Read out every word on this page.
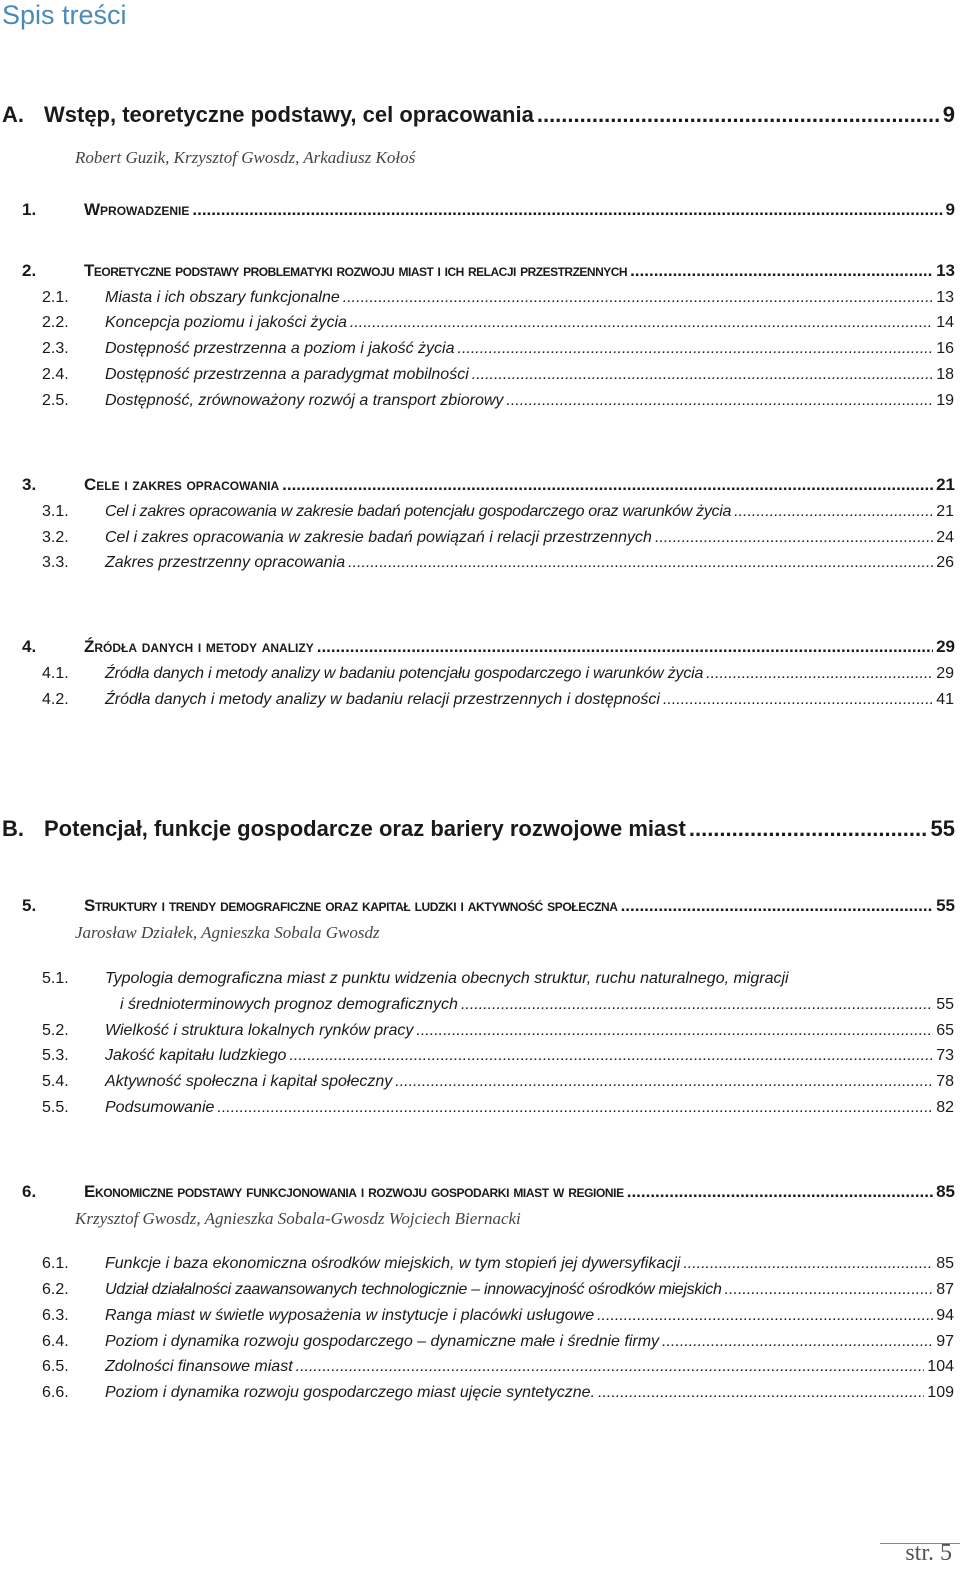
Spis treści
A. Wstęp, teoretyczne podstawy, cel opracowania .....	9
Robert Guzik, Krzysztof Gwosdz, Arkadiusz Kołoś
1.	Wprowadzenie .....	9
2.	Teoretyczne podstawy problematyki rozwoju miast i ich relacji przestrzennych .....	13
2.1.	Miasta i ich obszary funkcjonalne .....	13
2.2.	Koncepcja poziomu i jakości życia .....	14
2.3.	Dostępność przestrzenna a poziom i jakość życia .....	16
2.4.	Dostępność przestrzenna a paradygmat mobilności .....	18
2.5.	Dostępność, zrównoważony rozwój a transport zbiorowy .....	19
3.	Cele i zakres opracowania .....	21
3.1.	Cel i zakres opracowania w zakresie badań potencjału gospodarczego oraz warunków życia .....	21
3.2.	Cel i zakres opracowania w zakresie badań powiązań i relacji przestrzennych .....	24
3.3.	Zakres przestrzenny opracowania .....	26
4.	Źródła danych i metody analizy .....	29
4.1.	Źródła danych i metody analizy w badaniu potencjału gospodarczego i warunków życia .....	29
4.2.	Źródła danych i metody analizy w badaniu relacji przestrzennych i dostępności .....	41
B. Potencjał, funkcje gospodarcze oraz bariery rozwojowe miast .....	55
5.	Struktury i trendy demograficzne oraz kapitał ludzki i aktywność społeczna .....	55
Jarosław Działek, Agnieszka Sobala Gwosdz
5.1. Typologia demograficzna miast z punktu widzenia obecnych struktur, ruchu naturalnego, migracji
i średnioterminowych prognoz demograficznych .....	55
5.2.	Wielkość i struktura lokalnych rynków pracy .....	65
5.3.	Jakość kapitału ludzkiego .....	73
5.4.	Aktywność społeczna i kapitał społeczny .....	78
5.5.	Podsumowanie .....	82
6.	Ekonomiczne podstawy funkcjonowania i rozwoju gospodarki miast w regionie .....	85
Krzysztof Gwosdz, Agnieszka Sobala-Gwosdz Wojciech Biernacki
6.1.	Funkcje i baza ekonomiczna ośrodków miejskich, w tym stopień jej dywersyfikacji .....	85
6.2.	Udział działalności zaawansowanych technologicznie – innowacyjność ośrodków miejskich .....	87
6.3.	Ranga miast w świetle wyposażenia w instytucje i placówki usługowe .....	94
6.4.	Poziom i dynamika rozwoju gospodarczego – dynamiczne małe i średnie firmy .....	97
6.5.	Zdolności finansowe miast .....	104
6.6.	Poziom i dynamika rozwoju gospodarczego miast ujęcie syntetyczne. .....	109
str. 5
